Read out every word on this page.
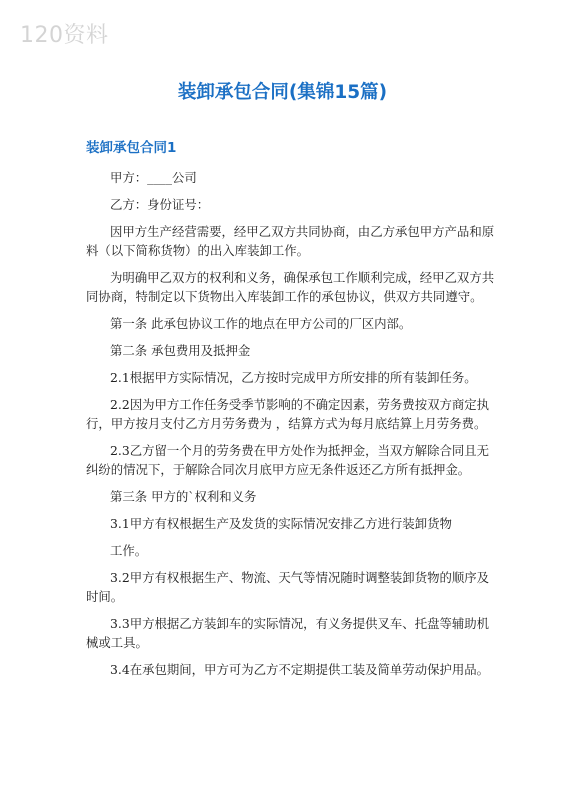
120资料
装卸承包合同(集锦15篇)
装卸承包合同1

甲方：____公司

乙方：身份证号：

因甲方生产经营需要，经甲乙双方共同协商，由乙方承包甲方产品和原料（以下简称货物）的出入库装卸工作。

为明确甲乙双方的权利和义务，确保承包工作顺利完成，经甲乙双方共同协商，特制定以下货物出入库装卸工作的承包协议，供双方共同遵守。

第一条 此承包协议工作的地点在甲方公司的厂区内部。

第二条 承包费用及抵押金

2.1根据甲方实际情况，乙方按时完成甲方所安排的所有装卸任务。

2.2因为甲方工作任务受季节影响的不确定因素，劳务费按双方商定执行，甲方按月支付乙方月劳务费为 ，结算方式为每月底结算上月劳务费。

2.3乙方留一个月的劳务费在甲方处作为抵押金，当双方解除合同且无纠纷的情况下，于解除合同次月底甲方应无条件返还乙方所有抵押金。

第三条 甲方的`权利和义务

3.1甲方有权根据生产及发货的实际情况安排乙方进行装卸货物

工作。

3.2甲方有权根据生产、物流、天气等情况随时调整装卸货物的顺序及时间。

3.3甲方根据乙方装卸车的实际情况，有义务提供叉车、托盘等辅助机械或工具。

3.4在承包期间，甲方可为乙方不定期提供工装及简单劳动保护用品。
